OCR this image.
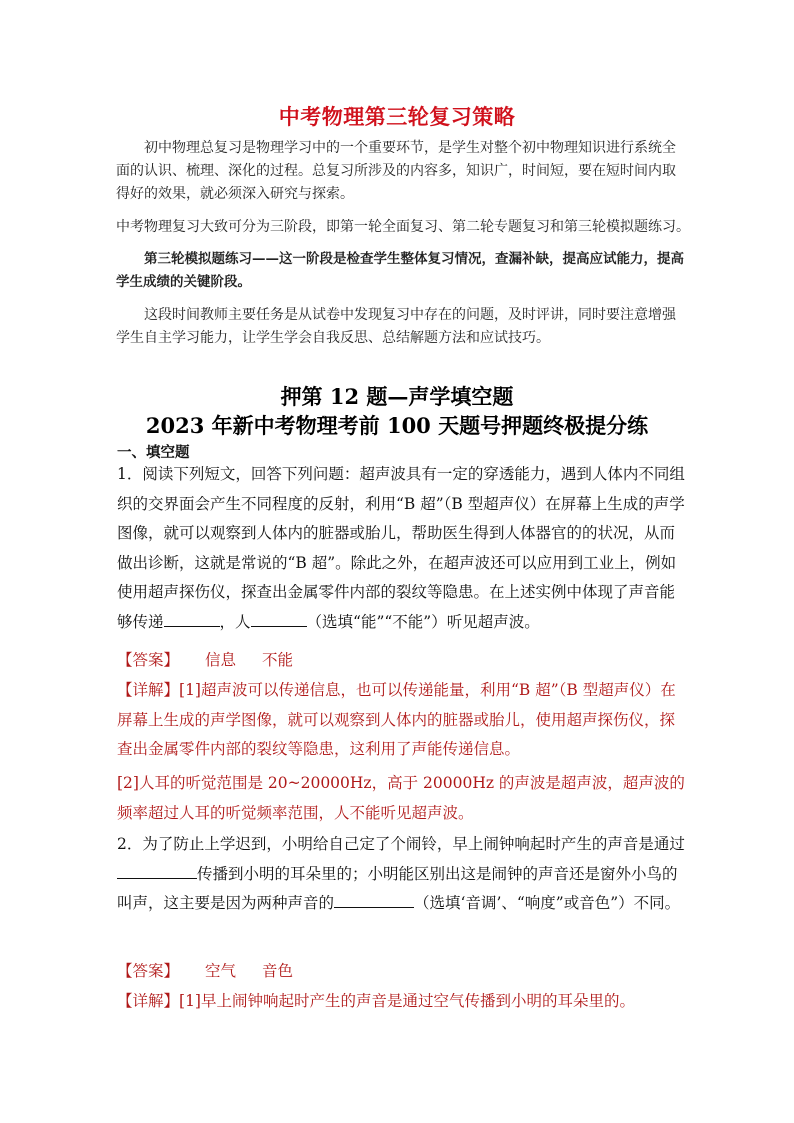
中考物理第三轮复习策略

初中物理总复习是物理学习中的一个重要环节，是学生对整个初中物理知识进行系统全面的认识、梳理、深化的过程。总复习所涉及的内容多，知识广，时间短，要在短时间内取得好的效果，就必须深入研究与探索。

中考物理复习大致可分为三阶段，即第一轮全面复习、第二轮专题复习和第三轮模拟题练习。

第三轮模拟题练习——这一阶段是检查学生整体复习情况，查漏补缺，提高应试能力，提高学生成绩的关键阶段。

这段时间教师主要任务是从试卷中发现复习中存在的问题，及时评讲，同时要注意增强学生自主学习能力，让学生学会自我反思、总结解题方法和应试技巧。

押第 12 题—声学填空题
2023 年新中考物理考前 100 天题号押题终极提分练
一、填空题

1．阅读下列短文，回答下列问题：超声波具有一定的穿透能力，遇到人体内不同组织的交界面会产生不同程度的反射，利用“B 超”（B 型超声仪）在屏幕上生成的声学图像，就可以观察到人体内的脏器或胎儿，帮助医生得到人体器官的的状况，从而做出诊断，这就是常说的“B 超”。除此之外，在超声波还可以应用到工业上，例如使用超声探伤仪，探查出金属零件内部的裂纹等隐患。在上述实例中体现了声音能够传递	，人	（选填“能”“不能”）听见超声波。

【答案】 信息 不能

【详解】[1]超声波可以传递信息，也可以传递能量，利用“B 超”（B 型超声仪）在屏幕上生成的声学图像，就可以观察到人体内的脏器或胎儿，使用超声探伤仪，探查出金属零件内部的裂纹等隐患，这利用了声能传递信息。

[2]人耳的听觉范围是 20~20000Hz，高于 20000Hz 的声波是超声波，超声波的频率超过人耳的听觉频率范围，人不能听见超声波。

2．为了防止上学迟到，小明给自己定了个闹铃，早上闹钟响起时产生的声音是通过传播到小明的耳朵里的；小明能区别出这是闹钟的声音还是窗外小鸟的叫声，这主要是因为两种声音的	（选填‘音调’、“响度”或音色”）不同。

【答案】 空气 音色

【详解】[1]早上闹钟响起时产生的声音是通过空气传播到小明的耳朵里的。
